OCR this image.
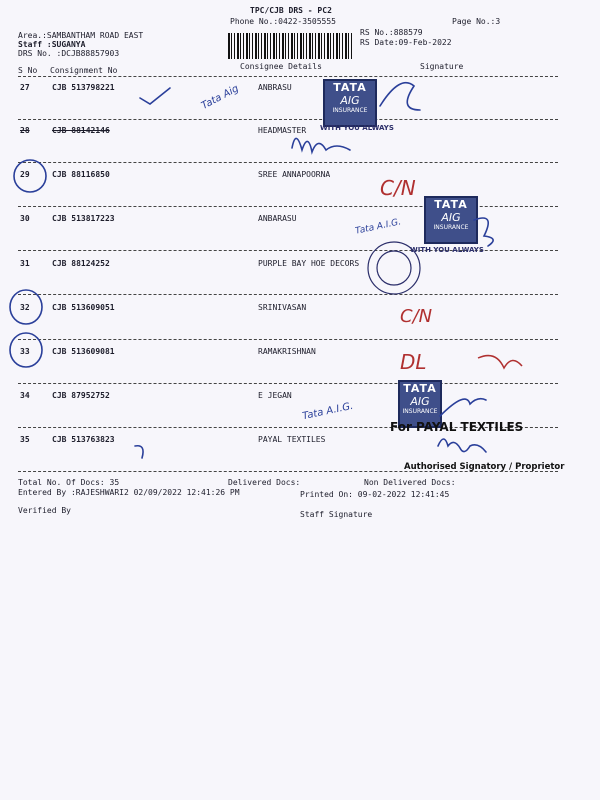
TPC/CJB DRS - PC2
Phone No.:0422-3505555	Page No.:3
Area.:SAMBANTHAM ROAD EAST
Staff :SUGANYA
DRS No. :DCJB88857903
RS No.:888579
RS Date:09-Feb-2022
S No Consignment No	Consignee Details	Signature
27	CJB 513798221	ANBRASU
28	CJB 88142146	HEADMASTER
29	CJB 88116850	SREE ANNAPOORNA
30	CJB 513817223	ANBARASU
31	CJB 88124252	PURPLE BAY HOE DECORS
32	CJB 513609051	SRINIVASAN
33	CJB 513609081	RAMAKRISHNAN
34	CJB 87952752	E JEGAN
35	CJB 513763823	PAYAL TEXTILES
TATA
AIG
INSURANCE
WITH YOU ALWAYS
TATA
AIG
INSURANCE
WITH YOU ALWAYS
TATA
AIG
INSURANCE
For PAYAL TEXTILES
Authorised Signatory / Proprietor
C/N
C/N
DL
Tata Aig
Tata A.I.G.
Tata A.I.G.
Total No. Of Docs: 35	Delivered Docs:	Non Delivered Docs:
Entered By :RAJESHWARI2 02/09/2022 12:41:26 PM	Printed On: 09-02-2022 12:41:45
Verified By	Staff Signature
